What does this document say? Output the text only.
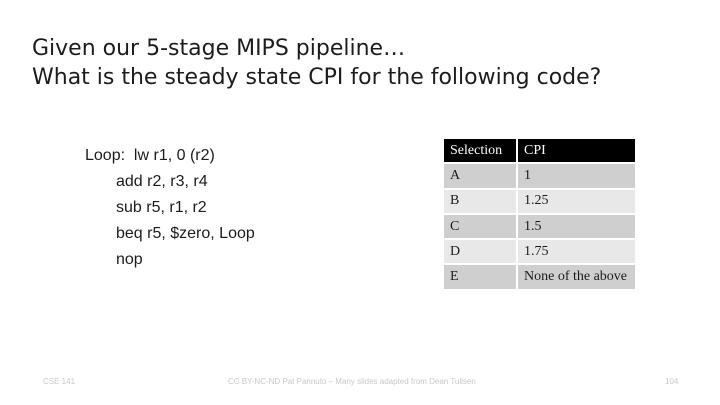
Given our 5-stage MIPS pipeline…
What is the steady state CPI for the following code?
Loop:  lw r1, 0 (r2)
add r2, r3, r4
sub r5, r1, r2
beq r5, $zero, Loop
nop
Selection	CPI
A	1
B	1.25
C	1.5
D	1.75
E	None of the above
CSE 141	CC BY-NC-ND Pat Pannuto – Many slides adapted from Dean Tullsen	104
